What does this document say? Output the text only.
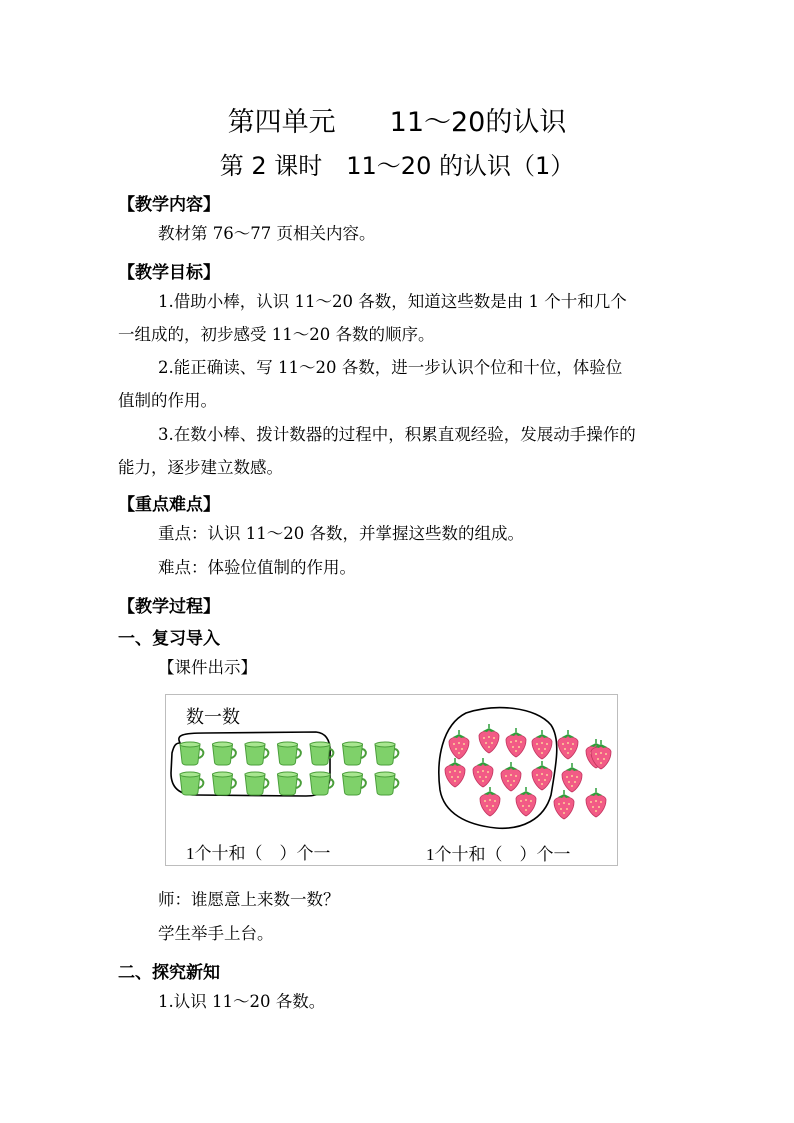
第四单元　　11～20的认识
第 2 课时　11～20 的认识（1）
【教学内容】
教材第 76～77 页相关内容。
【教学目标】
1.借助小棒，认识 11～20 各数，知道这些数是由 1 个十和几个
一组成的，初步感受 11～20 各数的顺序。
2.能正确读、写 11～20 各数，进一步认识个位和十位，体验位
值制的作用。
3.在数小棒、拨计数器的过程中，积累直观经验，发展动手操作的
能力，逐步建立数感。
【重点难点】
重点：认识 11～20 各数，并掌握这些数的组成。
难点：体验位值制的作用。
【教学过程】
一、复习导入
【课件出示】
数一数
1个十和（　）个一	1个十和（　）个一
师：谁愿意上来数一数？
学生举手上台。
二、探究新知
1.认识 11～20 各数。
